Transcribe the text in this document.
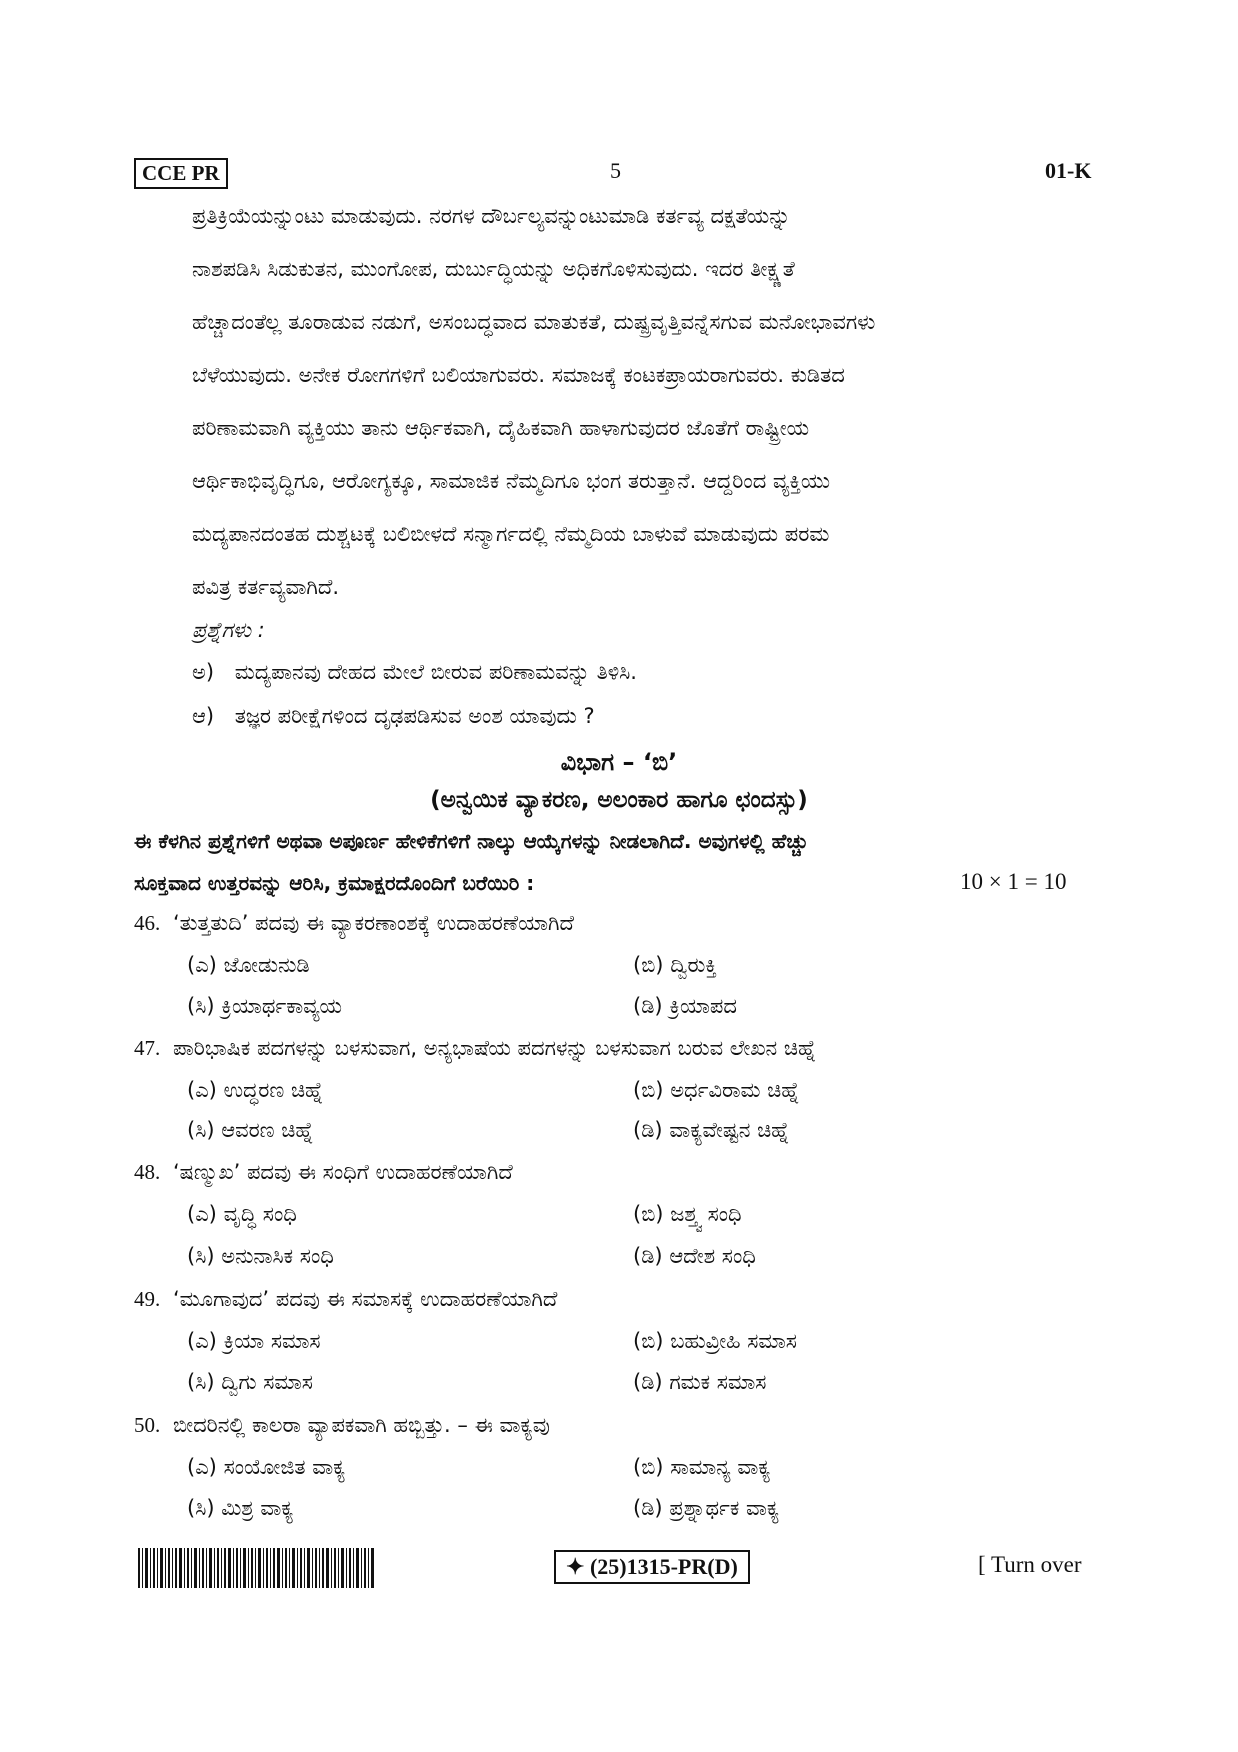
CCE PR	5	01-K
ಪ್ರತಿಕ್ರಿಯೆಯನ್ನುಂಟು ಮಾಡುವುದು. ನರಗಳ ದೌರ್ಬಲ್ಯವನ್ನುಂಟುಮಾಡಿ ಕರ್ತವ್ಯ ದಕ್ಷತೆಯನ್ನು
ನಾಶಪಡಿಸಿ ಸಿಡುಕುತನ, ಮುಂಗೋಪ, ದುರ್ಬುದ್ಧಿಯನ್ನು ಅಧಿಕಗೊಳಿಸುವುದು. ಇದರ ತೀಕ್ಷ್ಣತೆ
ಹೆಚ್ಚಾದಂತೆಲ್ಲ ತೂರಾಡುವ ನಡುಗೆ, ಅಸಂಬದ್ಧವಾದ ಮಾತುಕತೆ, ದುಷ್ಪ್ರವೃತ್ತಿವನ್ನೆಸಗುವ ಮನೋಭಾವಗಳು
ಬೆಳೆಯುವುದು. ಅನೇಕ ರೋಗಗಳಿಗೆ ಬಲಿಯಾಗುವರು. ಸಮಾಜಕ್ಕೆ ಕಂಟಕಪ್ರಾಯರಾಗುವರು. ಕುಡಿತದ
ಪರಿಣಾಮವಾಗಿ ವ್ಯಕ್ತಿಯು ತಾನು ಆರ್ಥಿಕವಾಗಿ, ದೈಹಿಕವಾಗಿ ಹಾಳಾಗುವುದರ ಜೊತೆಗೆ ರಾಷ್ಟ್ರೀಯ
ಆರ್ಥಿಕಾಭಿವೃದ್ಧಿಗೂ, ಆರೋಗ್ಯಕ್ಕೂ, ಸಾಮಾಜಿಕ ನೆಮ್ಮದಿಗೂ ಭಂಗ ತರುತ್ತಾನೆ. ಆದ್ದರಿಂದ ವ್ಯಕ್ತಿಯು
ಮದ್ಯಪಾನದಂತಹ ದುಶ್ಚಟಕ್ಕೆ ಬಲಿಬೀಳದೆ ಸನ್ಮಾರ್ಗದಲ್ಲಿ ನೆಮ್ಮದಿಯ ಬಾಳುವೆ ಮಾಡುವುದು ಪರಮ
ಪವಿತ್ರ ಕರ್ತವ್ಯವಾಗಿದೆ.
ಪ್ರಶ್ನೆಗಳು :
ಅ) ಮದ್ಯಪಾನವು ದೇಹದ ಮೇಲೆ ಬೀರುವ ಪರಿಣಾಮವನ್ನು ತಿಳಿಸಿ.
ಆ) ತಜ್ಞರ ಪರೀಕ್ಷೆಗಳಿಂದ ದೃಢಪಡಿಸುವ ಅಂಶ ಯಾವುದು ?
ವಿಭಾಗ – ‘ಬಿ’
(ಅನ್ವಯಿಕ ವ್ಯಾಕರಣ, ಅಲಂಕಾರ ಹಾಗೂ ಛಂದಸ್ಸು)
ಈ ಕೆಳಗಿನ ಪ್ರಶ್ನೆಗಳಿಗೆ ಅಥವಾ ಅಪೂರ್ಣ ಹೇಳಿಕೆಗಳಿಗೆ ನಾಲ್ಕು ಆಯ್ಕೆಗಳನ್ನು ನೀಡಲಾಗಿದೆ. ಅವುಗಳಲ್ಲಿ ಹೆಚ್ಚು
ಸೂಕ್ತವಾದ ಉತ್ತರವನ್ನು ಆರಿಸಿ, ಕ್ರಮಾಕ್ಷರದೊಂದಿಗೆ ಬರೆಯಿರಿ :	10 × 1 = 10
46. ‘ತುತ್ತತುದಿ’ ಪದವು ಈ ವ್ಯಾಕರಣಾಂಶಕ್ಕೆ ಉದಾಹರಣೆಯಾಗಿದೆ
(ಎ) ಜೋಡುನುಡಿ	(ಬಿ) ದ್ವಿರುಕ್ತಿ
(ಸಿ) ಕ್ರಿಯಾರ್ಥಕಾವ್ಯಯ	(ಡಿ) ಕ್ರಿಯಾಪದ
47. ಪಾರಿಭಾಷಿಕ ಪದಗಳನ್ನು ಬಳಸುವಾಗ, ಅನ್ಯಭಾಷೆಯ ಪದಗಳನ್ನು ಬಳಸುವಾಗ ಬರುವ ಲೇಖನ ಚಿಹ್ನೆ
(ಎ) ಉದ್ಧರಣ ಚಿಹ್ನೆ	(ಬಿ) ಅರ್ಧವಿರಾಮ ಚಿಹ್ನೆ
(ಸಿ) ಆವರಣ ಚಿಹ್ನೆ	(ಡಿ) ವಾಕ್ಯವೇಷ್ಟನ ಚಿಹ್ನೆ
48. ‘ಷಣ್ಮುಖ’ ಪದವು ಈ ಸಂಧಿಗೆ ಉದಾಹರಣೆಯಾಗಿದೆ
(ಎ) ವೃದ್ಧಿ ಸಂಧಿ	(ಬಿ) ಜಶ್ತ್ವ ಸಂಧಿ
(ಸಿ) ಅನುನಾಸಿಕ ಸಂಧಿ	(ಡಿ) ಆದೇಶ ಸಂಧಿ
49. ‘ಮೂಗಾವುದ’ ಪದವು ಈ ಸಮಾಸಕ್ಕೆ ಉದಾಹರಣೆಯಾಗಿದೆ
(ಎ) ಕ್ರಿಯಾ ಸಮಾಸ	(ಬಿ) ಬಹುವ್ರೀಹಿ ಸಮಾಸ
(ಸಿ) ದ್ವಿಗು ಸಮಾಸ	(ಡಿ) ಗಮಕ ಸಮಾಸ
50. ಬೀದರಿನಲ್ಲಿ ಕಾಲರಾ ವ್ಯಾಪಕವಾಗಿ ಹಬ್ಬಿತ್ತು. – ಈ ವಾಕ್ಯವು
(ಎ) ಸಂಯೋಜಿತ ವಾಕ್ಯ	(ಬಿ) ಸಾಮಾನ್ಯ ವಾಕ್ಯ
(ಸಿ) ಮಿಶ್ರ ವಾಕ್ಯ	(ಡಿ) ಪ್ರಶ್ನಾರ್ಥಕ ವಾಕ್ಯ
✦ (25)1315-PR(D)	[ Turn over
